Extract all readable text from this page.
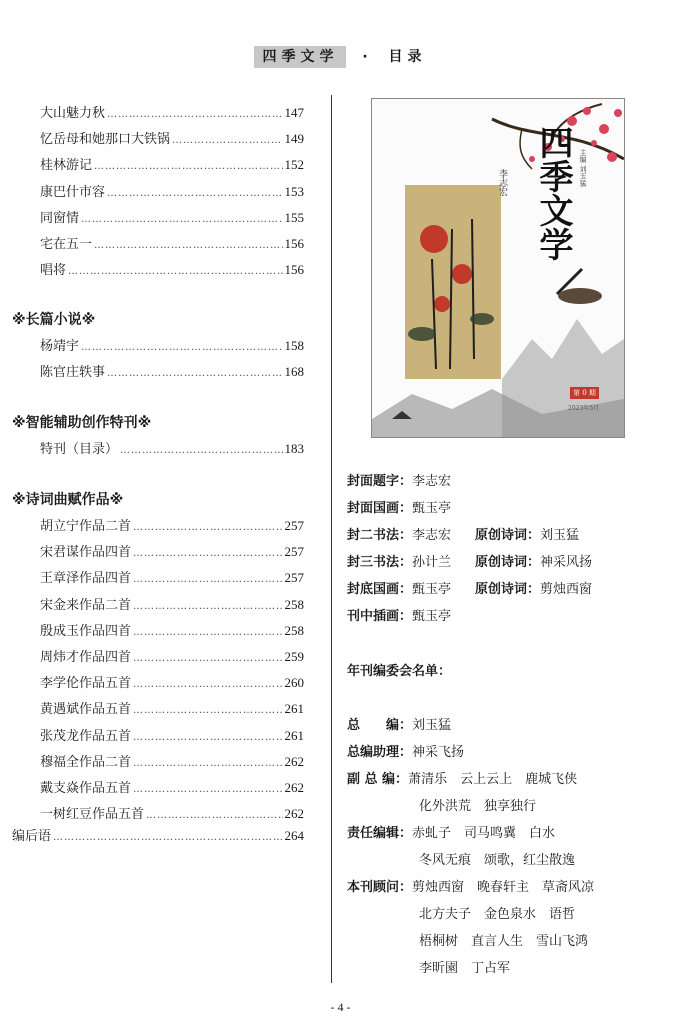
四季文学 · 目录
大山魅力秋 ………………………………………………………………………………………………………………………………	147
忆岳母和她那口大铁锅 ………………………………………………………………………………………………………………………………	149
桂林游记 ………………………………………………………………………………………………………………………………	152
康巴什市容 ………………………………………………………………………………………………………………………………	153
同窗情 ………………………………………………………………………………………………………………………………	155
宅在五一 ………………………………………………………………………………………………………………………………	156
唱将 ………………………………………………………………………………………………………………………………	156
※长篇小说※
杨靖宇 ………………………………………………………………………………………………………………………………	158
陈官庄轶事 ………………………………………………………………………………………………………………………………	168
※智能辅助创作特刊※
特刊（目录） ………………………………………………………………………………………………………………………………	183
※诗词曲赋作品※
胡立宁作品二首 ………………………………………………………………………………………………………………………………	257
宋君谋作品四首 ………………………………………………………………………………………………………………………………	257
王章泽作品四首 ………………………………………………………………………………………………………………………………	257
宋金来作品二首 ………………………………………………………………………………………………………………………………	258
殷成玉作品四首 ………………………………………………………………………………………………………………………………	258
周炜才作品四首 ………………………………………………………………………………………………………………………………	259
李学伦作品五首 ………………………………………………………………………………………………………………………………	260
黄遇斌作品五首 ………………………………………………………………………………………………………………………………	261
张茂龙作品五首 ………………………………………………………………………………………………………………………………	261
穆福全作品二首 ………………………………………………………………………………………………………………………………	262
戴支焱作品五首 ………………………………………………………………………………………………………………………………	262
一树红豆作品五首 ………………………………………………………………………………………………………………………………	262
编后语 ………………………………………………………………………………………………………………………………	264
四季文学 主编 刘玉猛
李志宏
第 0 期
2023年5月
封面题字：李志宏
封面国画：甄玉亭
封二书法：李志宏 原创诗词：刘玉猛
封三书法：孙计兰 原创诗词：神采风扬
封底国画：甄玉亭 原创诗词：剪烛西窗
刊中插画：甄玉亭
年刊编委会名单：
总　　编：刘玉猛
总编助理：神采飞扬
副 总 编：萧清乐　云上云上　鹿城飞侠
化外洪荒　独享独行
责任编辑：赤虬子　司马鸣冀　白水
冬风无痕　颂歌，红尘散逸
本刊顾问：剪烛西窗　晚春轩主　草斋风凉
北方夫子　金色泉水　语哲
梧桐树　直言人生　雪山飞鸿
李昕園　丁占军
- 4 -
